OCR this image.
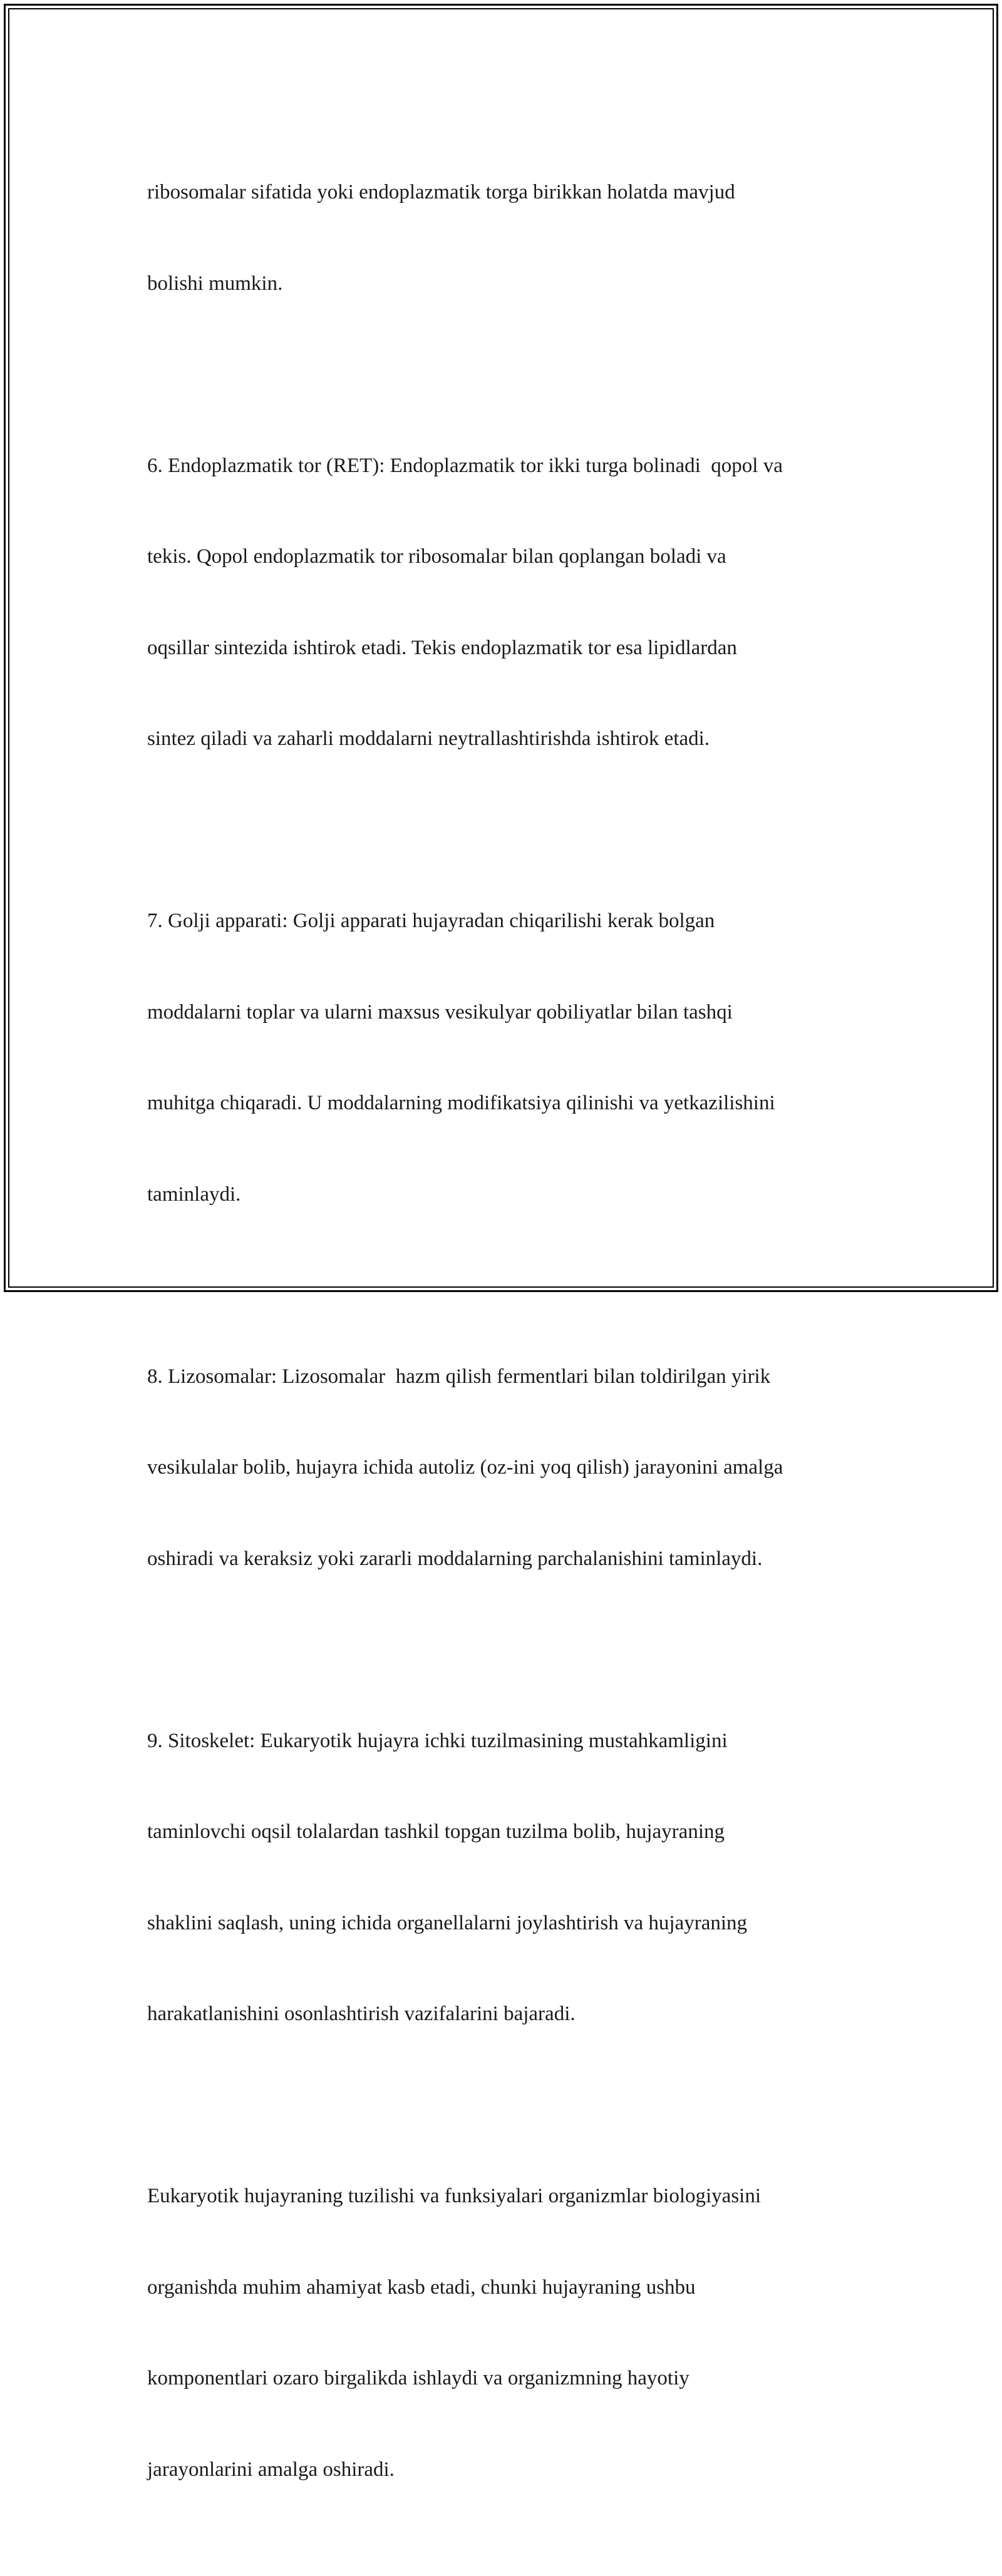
ribosomalar sifatida yoki endoplazmatik torga birikkan holatda mavjud

bolishi mumkin.

6. Endoplazmatik tor (RET): Endoplazmatik tor ikki turga bolinadi  qopol va

tekis. Qopol endoplazmatik tor ribosomalar bilan qoplangan boladi va

oqsillar sintezida ishtirok etadi. Tekis endoplazmatik tor esa lipidlardan

sintez qiladi va zaharli moddalarni neytrallashtirishda ishtirok etadi.

7. Golji apparati: Golji apparati hujayradan chiqarilishi kerak bolgan

moddalarni toplar va ularni maxsus vesikulyar qobiliyatlar bilan tashqi

muhitga chiqaradi. U moddalarning modifikatsiya qilinishi va yetkazilishini

taminlaydi.

8. Lizosomalar: Lizosomalar  hazm qilish fermentlari bilan toldirilgan yirik

vesikulalar bolib, hujayra ichida autoliz (oz-ini yoq qilish) jarayonini amalga

oshiradi va keraksiz yoki zararli moddalarning parchalanishini taminlaydi.

9. Sitoskelet: Eukaryotik hujayra ichki tuzilmasining mustahkamligini

taminlovchi oqsil tolalardan tashkil topgan tuzilma bolib, hujayraning

shaklini saqlash, uning ichida organellalarni joylashtirish va hujayraning

harakatlanishini osonlashtirish vazifalarini bajaradi.

Eukaryotik hujayraning tuzilishi va funksiyalari organizmlar biologiyasini

organishda muhim ahamiyat kasb etadi, chunki hujayraning ushbu

komponentlari ozaro birgalikda ishlaydi va organizmning hayotiy

jarayonlarini amalga oshiradi.
